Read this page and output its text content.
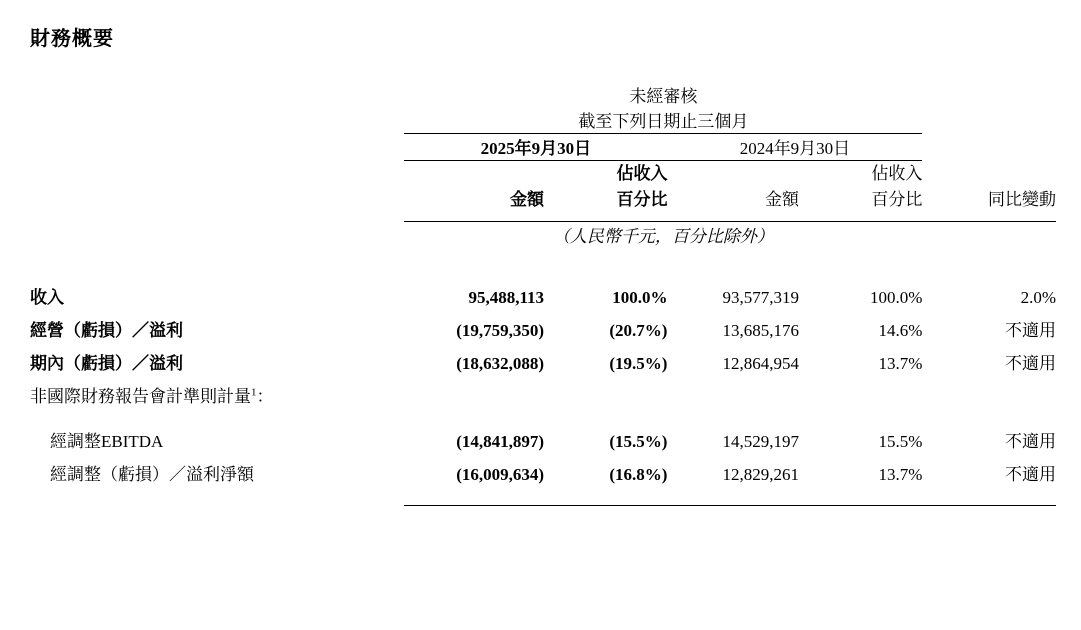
財務概要
	未經審核				
	截至下列日期止三個月				

	2025年9月30日		2024年9月30日		

		佔收入		佔收入	
	金額	百分比	金額	百分比	同比變動

	（人民幣千元，百分比除外）				

收入	95,488,113	100.0%	93,577,319	100.0%	2.0%
經營（虧損）／溢利	(19,759,350)	(20.7%)	13,685,176	14.6%	不適用
期內（虧損）／溢利	(18,632,088)	(19.5%)	12,864,954	13.7%	不適用
非國際財務報告會計準則計量$^1$：					

經調整EBITDA	(14,841,897)	(15.5%)	14,529,197	15.5%	不適用
經調整（虧損）／溢利淨額	(16,009,634)	(16.8%)	12,829,261	13.7%	不適用
